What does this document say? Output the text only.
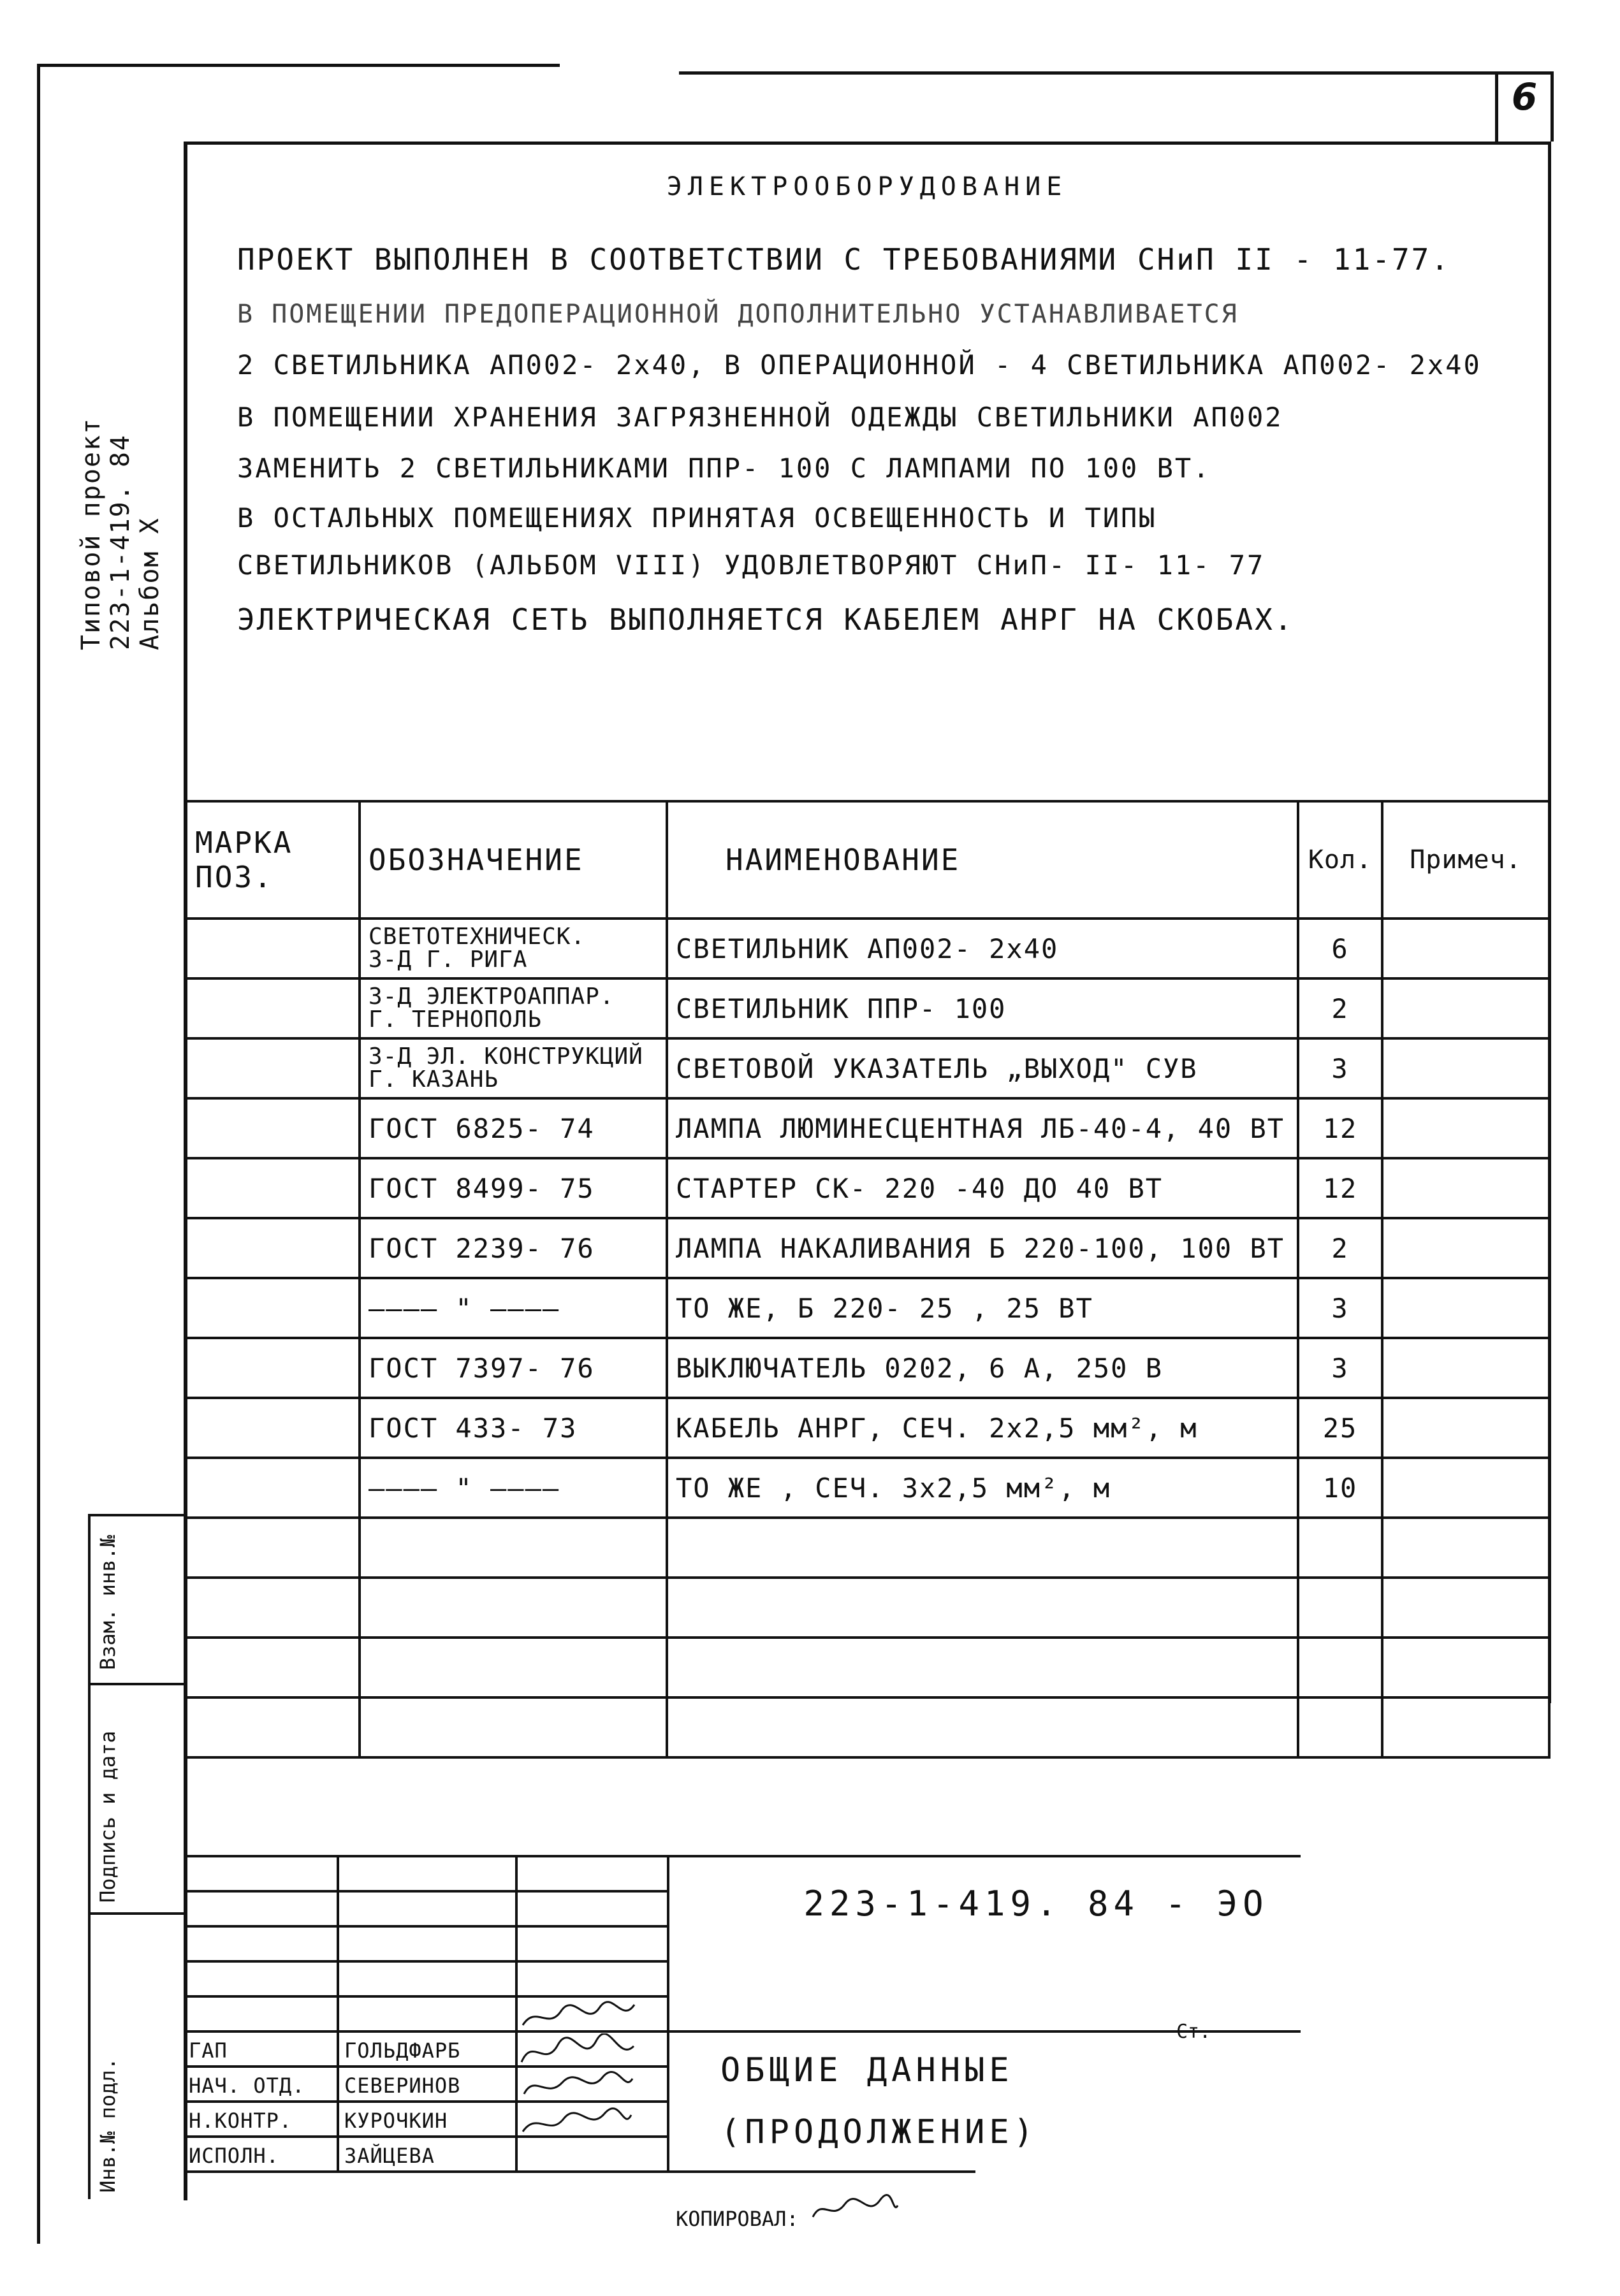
6
Типовой проект
223-1-419. 84
Альбом X
ЭЛЕКТРООБОРУДОВАНИЕ
ПРОЕКТ ВЫПОЛНЕН В СООТВЕТСТВИИ С ТРЕБОВАНИЯМИ СНиП II - 11-77.
В ПОМЕЩЕНИИ ПРЕДОПЕРАЦИОННОЙ ДОПОЛНИТЕЛЬНО УСТАНАВЛИВАЕТСЯ
2 СВЕТИЛЬНИКА АП002- 2х40, В ОПЕРАЦИОННОЙ - 4 СВЕТИЛЬНИКА АП002- 2х40
В ПОМЕЩЕНИИ ХРАНЕНИЯ ЗАГРЯЗНЕННОЙ ОДЕЖДЫ СВЕТИЛЬНИКИ АП002
ЗАМЕНИТЬ 2 СВЕТИЛЬНИКАМИ ППР- 100 С ЛАМПАМИ ПО 100 ВТ.
В ОСТАЛЬНЫХ ПОМЕЩЕНИЯХ ПРИНЯТАЯ ОСВЕЩЕННОСТЬ И ТИПЫ
СВЕТИЛЬНИКОВ (АЛЬБОМ VIII) УДОВЛЕТВОРЯЮТ СНиП- II- 11- 77
ЭЛЕКТРИЧЕСКАЯ СЕТЬ ВЫПОЛНЯЕТСЯ КАБЕЛЕМ АНРГ НА СКОБАХ.
МАРКА
ПОЗ.	ОБОЗНАЧЕНИЕ	НАИМЕНОВАНИЕ	Кол.	Примеч.
	СВЕТОТЕХНИЧЕСК.
З-Д Г. РИГА	СВЕТИЛЬНИК АП002- 2х40	6	
	З-Д ЭЛЕКТРОАППАР.
Г. ТЕРНОПОЛЬ	СВЕТИЛЬНИК ППР- 100	2	
	З-Д ЭЛ. КОНСТРУКЦИЙ
Г. КАЗАНЬ	СВЕТОВОЙ УКАЗАТЕЛЬ „ВЫХОД" СУВ	3	
	ГОСТ 6825- 74	ЛАМПА ЛЮМИНЕСЦЕНТНАЯ ЛБ-40-4, 40 ВТ	12	
	ГОСТ 8499- 75	СТАРТЕР СК- 220 -40 ДО 40 ВТ	12	
	ГОСТ 2239- 76	ЛАМПА НАКАЛИВАНИЯ Б 220-100, 100 ВТ	2	
	———— " ————	ТО ЖЕ, Б 220- 25 , 25 ВТ	3	
	ГОСТ 7397- 76	ВЫКЛЮЧАТЕЛЬ 0202, 6 А, 250 В	3	
	ГОСТ 433- 73	КАБЕЛЬ АНРГ, СЕЧ. 2х2,5 мм², м	25	
	———— " ————	ТО ЖЕ , СЕЧ. 3х2,5 мм², м	10	

Взам. инв.№
Подпись и дата
Инв.№ подл.
223-1-419. 84 - ЭО
Ст.
ОБЩИЕ ДАННЫЕ
(ПРОДОЛЖЕНИЕ)
ГАП	ГОЛЬДФАРБ
НАЧ. ОТД. СЕВЕРИНОВ
Н.КОНТР.	КУРОЧКИН
ИСПОЛН.	ЗАЙЦЕВА
КОПИРОВАЛ:
